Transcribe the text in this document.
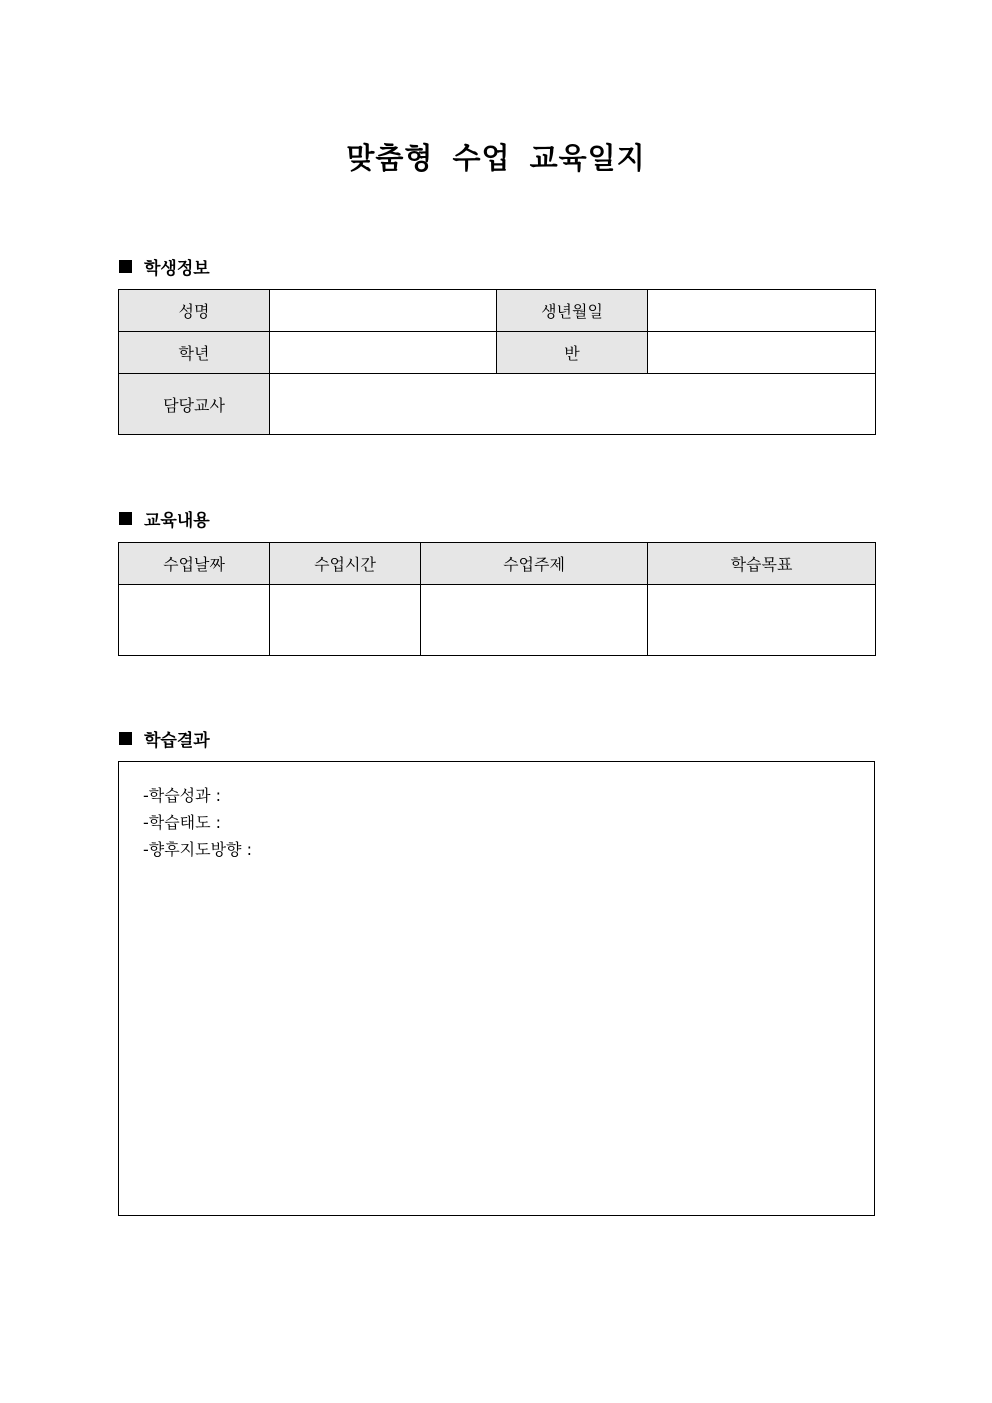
맞춤형 수업 교육일지
학생정보
성명		생년월일	
학년		반	
담당교사			
교육내용
수업날짜	수업시간	수업주제	학습목표

학습결과
-학습성과 :
-학습태도 :
-향후지도방향 :
